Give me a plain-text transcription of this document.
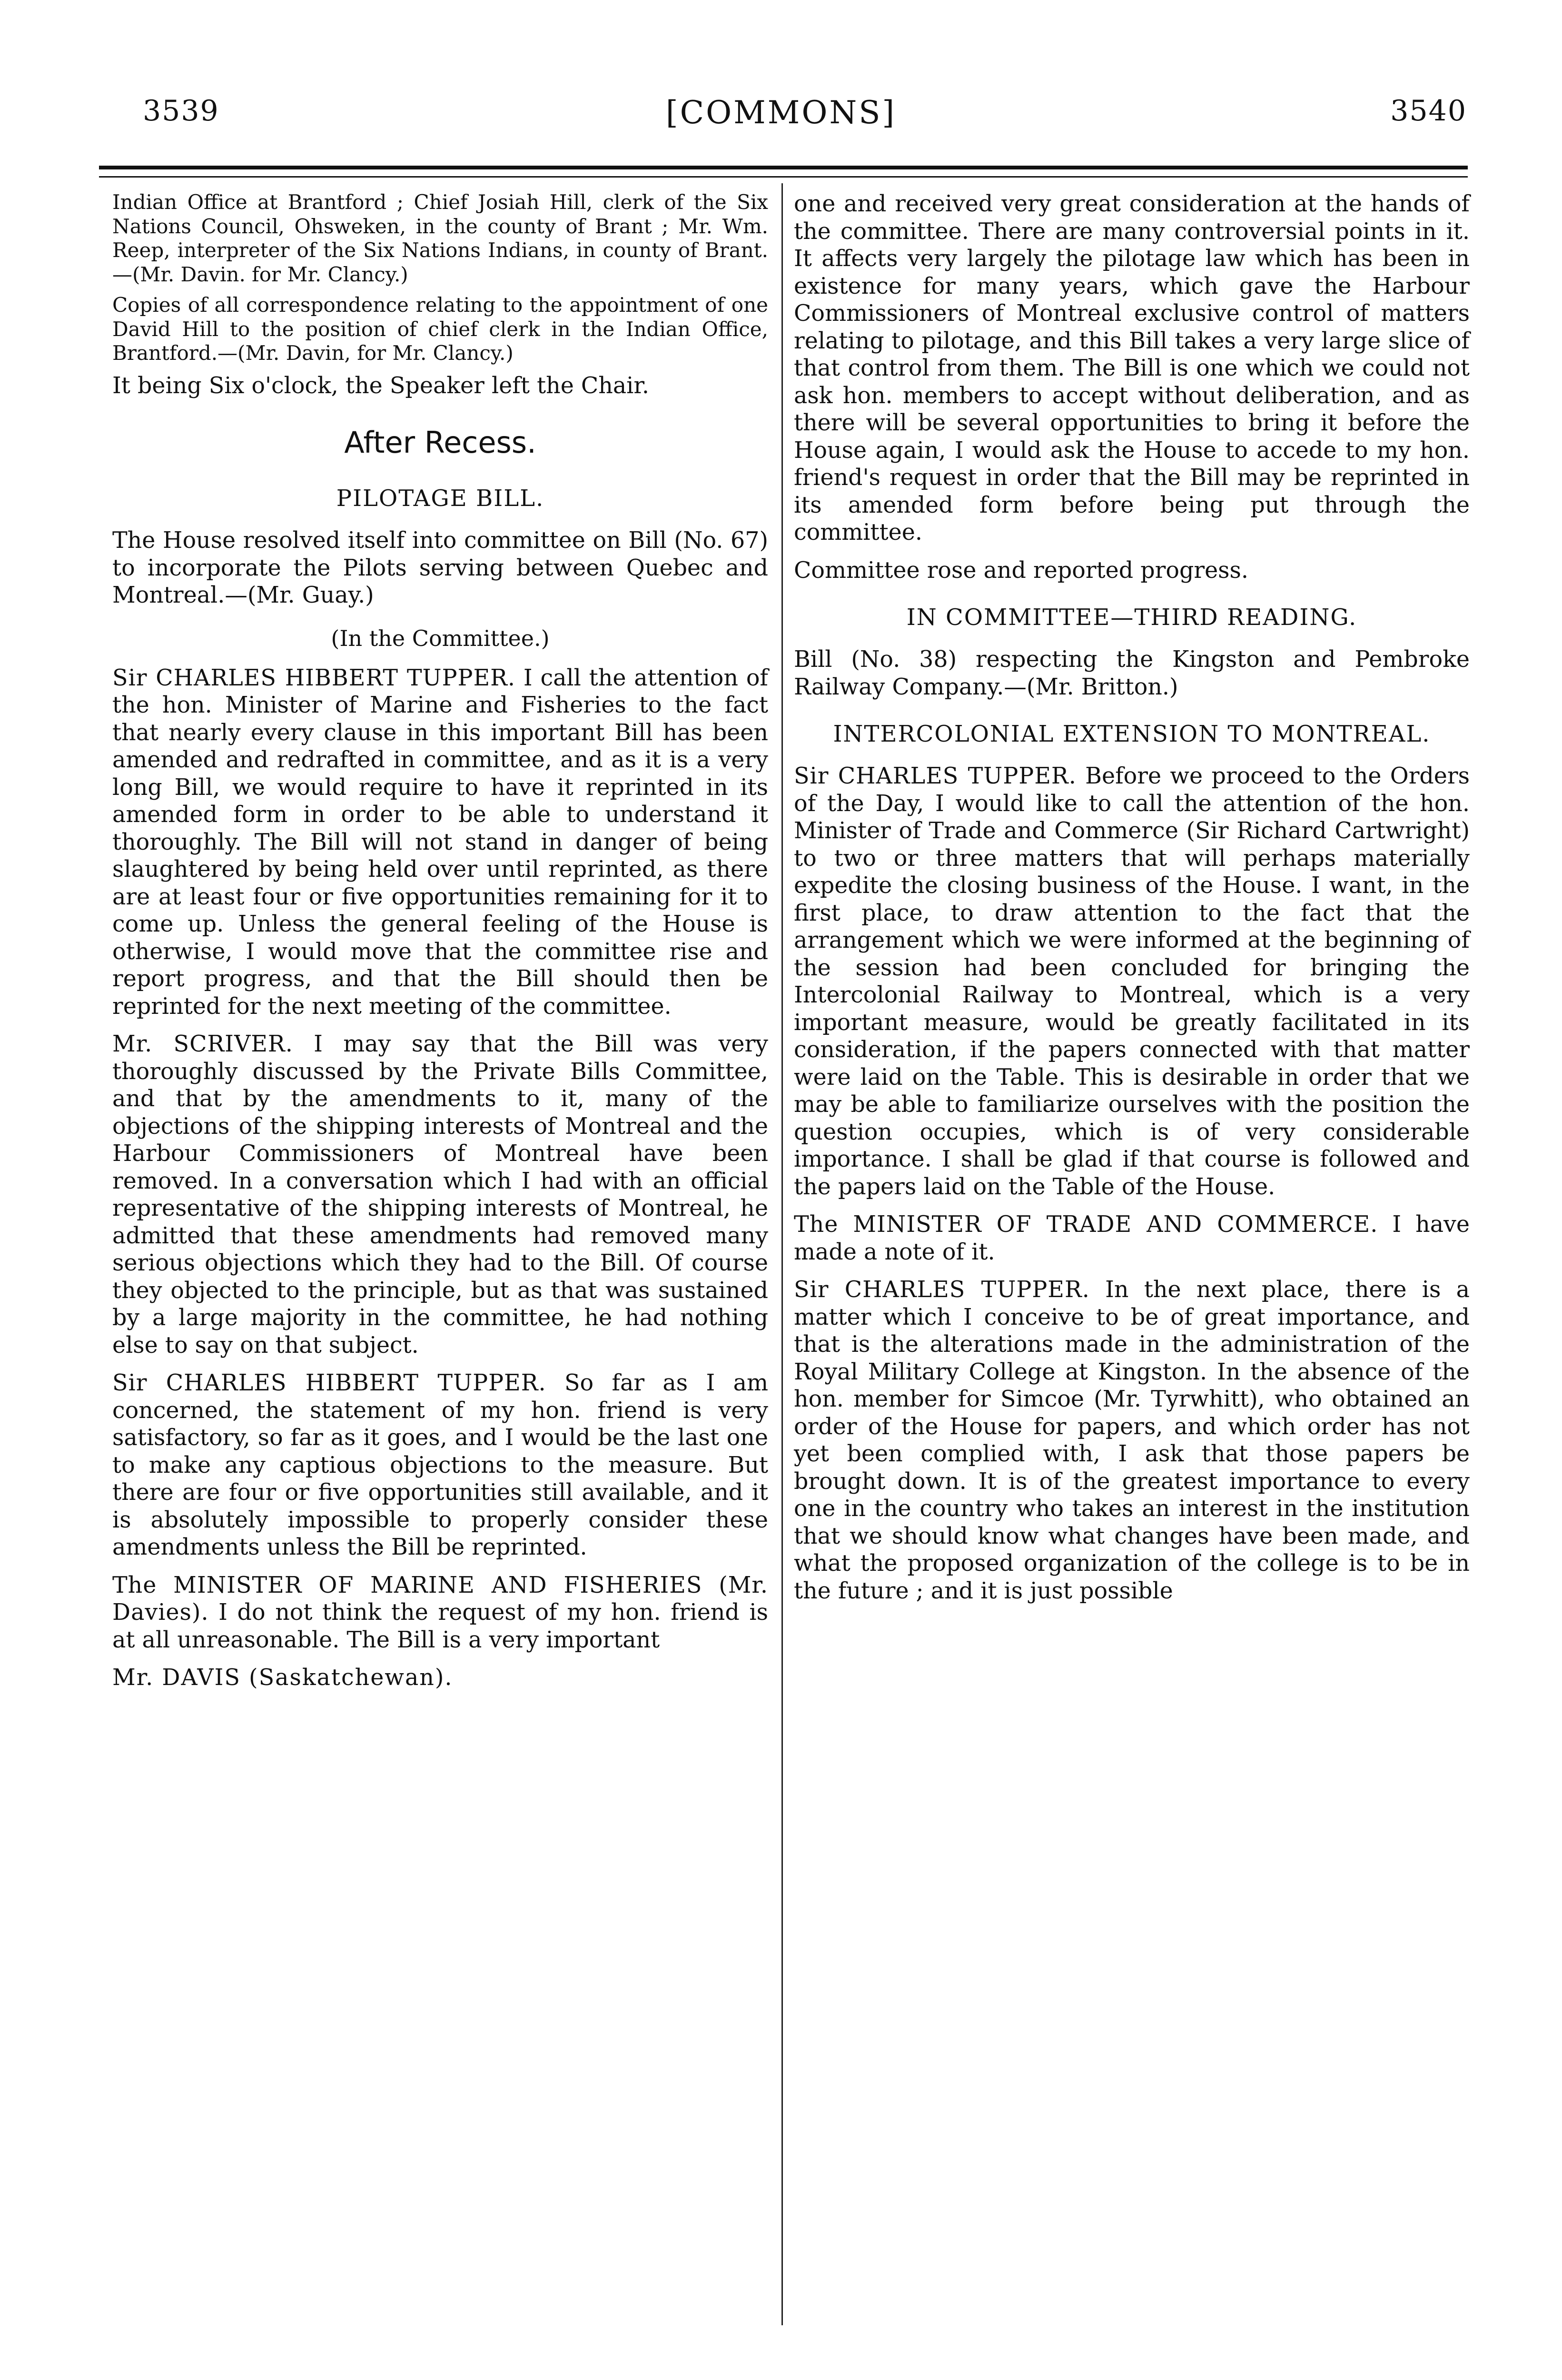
3539	[COMMONS]	3540

Indian Office at Brantford ; Chief Josiah Hill, clerk of the Six Nations Council, Ohsweken, in the county of Brant ; Mr. Wm. Reep, interpreter of the Six Nations Indians, in county of Brant.—(Mr. Davin. for Mr. Clancy.)

Copies of all correspondence relating to the appointment of one David Hill to the position of chief clerk in the Indian Office, Brantford.—(Mr. Davin, for Mr. Clancy.)

It being Six o'clock, the Speaker left the Chair.

After Recess.
PILOTAGE BILL.

The House resolved itself into committee on Bill (No. 67) to incorporate the Pilots serving between Quebec and Montreal.—(Mr. Guay.)

(In the Committee.)

Sir CHARLES HIBBERT TUPPER. I call the attention of the hon. Minister of Marine and Fisheries to the fact that nearly every clause in this important Bill has been amended and redrafted in committee, and as it is a very long Bill, we would require to have it reprinted in its amended form in order to be able to understand it thoroughly. The Bill will not stand in danger of being slaughtered by being held over until reprinted, as there are at least four or five opportunities remaining for it to come up. Unless the general feeling of the House is otherwise, I would move that the committee rise and report progress, and that the Bill should then be reprinted for the next meeting of the committee.

Mr. SCRIVER. I may say that the Bill was very thoroughly discussed by the Private Bills Committee, and that by the amendments to it, many of the objections of the shipping interests of Montreal and the Harbour Commissioners of Montreal have been removed. In a conversation which I had with an official representative of the shipping interests of Montreal, he admitted that these amendments had removed many serious objections which they had to the Bill. Of course they objected to the principle, but as that was sustained by a large majority in the committee, he had nothing else to say on that subject.

Sir CHARLES HIBBERT TUPPER. So far as I am concerned, the statement of my hon. friend is very satisfactory, so far as it goes, and I would be the last one to make any captious objections to the measure. But there are four or five opportunities still available, and it is absolutely impossible to properly consider these amendments unless the Bill be reprinted.

The MINISTER OF MARINE AND FISHERIES (Mr. Davies). I do not think the request of my hon. friend is at all unreasonable. The Bill is a very important

Mr. DAVIS (Saskatchewan).

one and received very great consideration at the hands of the committee. There are many controversial points in it. It affects very largely the pilotage law which has been in existence for many years, which gave the Harbour Commissioners of Montreal exclusive control of matters relating to pilotage, and this Bill takes a very large slice of that control from them. The Bill is one which we could not ask hon. members to accept without deliberation, and as there will be several opportunities to bring it before the House again, I would ask the House to accede to my hon. friend's request in order that the Bill may be reprinted in its amended form before being put through the committee.

Committee rose and reported progress.

IN COMMITTEE—THIRD READING.

Bill (No. 38) respecting the Kingston and Pembroke Railway Company.—(Mr. Britton.)

INTERCOLONIAL EXTENSION TO MONTREAL.

Sir CHARLES TUPPER. Before we proceed to the Orders of the Day, I would like to call the attention of the hon. Minister of Trade and Commerce (Sir Richard Cartwright) to two or three matters that will perhaps materially expedite the closing business of the House. I want, in the first place, to draw attention to the fact that the arrangement which we were informed at the beginning of the session had been concluded for bringing the Intercolonial Railway to Montreal, which is a very important measure, would be greatly facilitated in its consideration, if the papers connected with that matter were laid on the Table. This is desirable in order that we may be able to familiarize ourselves with the position the question occupies, which is of very considerable importance. I shall be glad if that course is followed and the papers laid on the Table of the House.

The MINISTER OF TRADE AND COMMERCE. I have made a note of it.

Sir CHARLES TUPPER. In the next place, there is a matter which I conceive to be of great importance, and that is the alterations made in the administration of the Royal Military College at Kingston. In the absence of the hon. member for Simcoe (Mr. Tyrwhitt), who obtained an order of the House for papers, and which order has not yet been complied with, I ask that those papers be brought down. It is of the greatest importance to every one in the country who takes an interest in the institution that we should know what changes have been made, and what the proposed organization of the college is to be in the future ; and it is just possible
